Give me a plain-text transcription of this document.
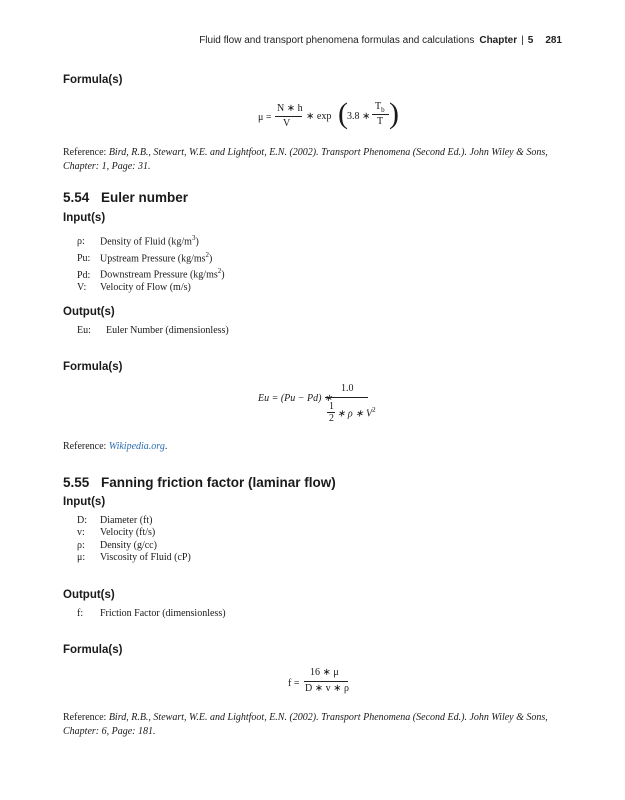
Fluid flow and transport phenomena formulas and calculations Chapter | 5 281
Formula(s)
μ =
N ∗ h
V
∗ exp ( 3.8 ∗
$T_b$
T )
Reference: Bird, R.B., Stewart, W.E. and Lightfoot, E.N. (2002). Transport Phenomena (Second Ed.). John Wiley & Sons, Chapter: 1, Page: 31.
5.54 Euler number
Input(s)
ρ: Density of Fluid $(kg/m^3)$
Pu: Upstream Pressure $(kg/ms^2)$
Pd: Downstream Pressure $(kg/ms^2)$
V: Velocity of Flow (m/s)
Output(s)
Eu: Euler Number (dimensionless)
Formula(s)
Eu = (Pu − Pd) ∗
1.0
1
2 ∗ ρ ∗ $V^2$
Reference: Wikipedia.org.
5.55 Fanning friction factor (laminar flow)
Input(s)
D: Diameter (ft)
v: Velocity (ft/s)
ρ: Density (g/cc)
μ: Viscosity of Fluid (cP)
Output(s)
f: Friction Factor (dimensionless)
Formula(s)
f =
16 ∗ μ
D ∗ v ∗ ρ
Reference: Bird, R.B., Stewart, W.E. and Lightfoot, E.N. (2002). Transport Phenomena (Second Ed.). John Wiley & Sons, Chapter: 6, Page: 181.
